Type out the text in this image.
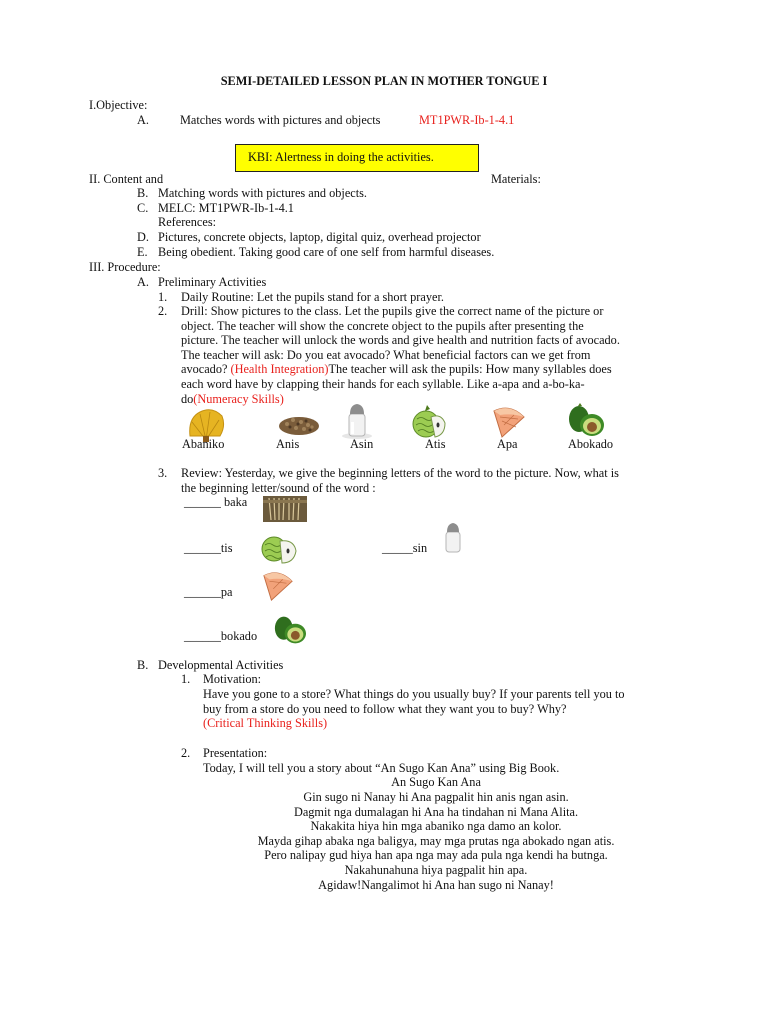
SEMI-DETAILED LESSON PLAN IN MOTHER TONGUE I
I.Objective:
A.	Matches words with pictures and objects	MT1PWR-Ib-1-4.1
KBI: Alertness in doing the activities.
II. Content and	Materials:
B. Matching words with pictures and objects.
C. MELC: MT1PWR-Ib-1-4.1
References:
D. Pictures, concrete objects, laptop, digital quiz, overhead projector
E. Being obedient. Taking good care of one self from harmful diseases.
III. Procedure:
A. Preliminary Activities
1. Daily Routine: Let the pupils stand for a short prayer.
2. Drill: Show pictures to the class. Let the pupils give the correct name of the picture or
object. The teacher will show the concrete object to the pupils after presenting the
picture. The teacher will unlock the words and give health and nutrition facts of avocado.
The teacher will ask: Do you eat avocado? What beneficial factors can we get from
avocado? (Health Integration)The teacher will ask the pupils: How many syllables does
each word have by clapping their hands for each syllable. Like a-apa and a-bo-ka-
do(Numeracy Skills)
Abaniko	Anis	Asin	Atis	Apa	Abokado
3. Review: Yesterday, we give the beginning letters of the word to the picture. Now, what is
the beginning letter/sound of the word :
______ baka
______tis	_____sin
______pa
______bokado
B. Developmental Activities
1. Motivation:
Have you gone to a store? What things do you usually buy? If your parents tell you to
buy from a store do you need to follow what they want you to buy? Why?
(Critical Thinking Skills)
2. Presentation:
Today, I will tell you a story about “An Sugo Kan Ana” using Big Book.
An Sugo Kan Ana
Gin sugo ni Nanay hi Ana pagpalit hin anis ngan asin.
Dagmit nga dumalagan hi Ana ha tindahan ni Mana Alita.
Nakakita hiya hin mga abaniko nga damo an kolor.
Mayda gihap abaka nga baligya, may mga prutas nga abokado ngan atis.
Pero nalipay gud hiya han apa nga may ada pula nga kendi ha butnga.
Nakahunahuna hiya pagpalit hin apa.
Agidaw!Nangalimot hi Ana han sugo ni Nanay!
